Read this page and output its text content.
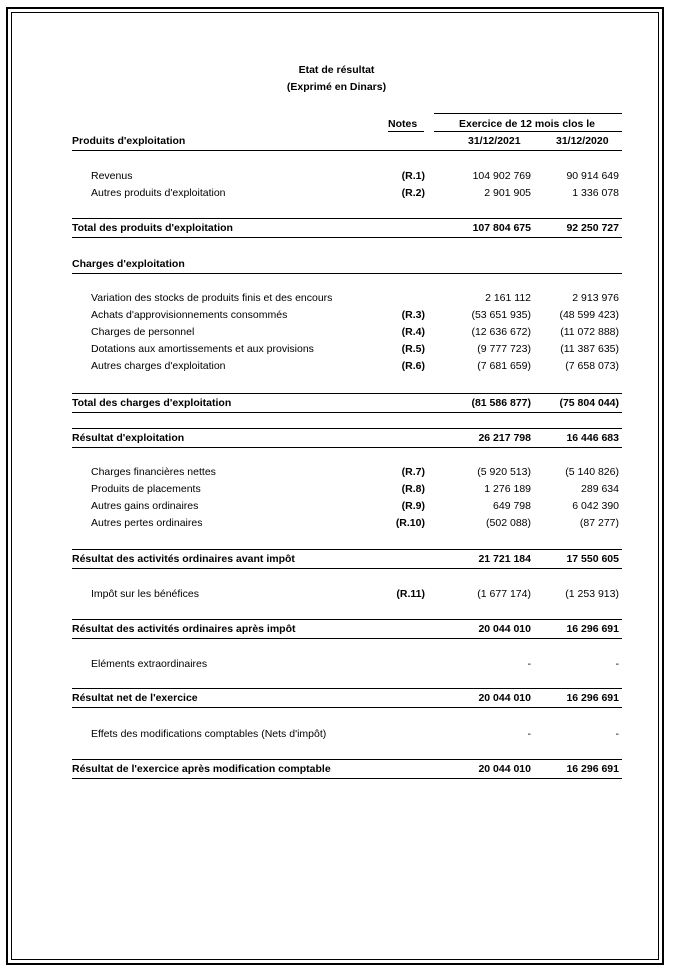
Etat de résultat
(Exprimé en Dinars)
Notes	Exercice de 12 mois clos le
31/12/2021	31/12/2020
Produits d'exploitation
Revenus	(R.1)	104 902 769	90 914 649
Autres produits d'exploitation	(R.2)	2 901 905	1 336 078
Total des produits d'exploitation	107 804 675	92 250 727
Charges d'exploitation
Variation des stocks de produits finis et des encours	2 161 112	2 913 976
Achats d'approvisionnements consommés	(R.3)	(53 651 935)	(48 599 423)
Charges de personnel	(R.4)	(12 636 672)	(11 072 888)
Dotations aux amortissements et aux provisions	(R.5)	(9 777 723)	(11 387 635)
Autres charges d'exploitation	(R.6)	(7 681 659)	(7 658 073)
Total des charges d'exploitation	(81 586 877)	(75 804 044)
Résultat d'exploitation	26 217 798	16 446 683
Charges financières nettes	(R.7)	(5 920 513)	(5 140 826)
Produits de placements	(R.8)	1 276 189	289 634
Autres gains ordinaires	(R.9)	649 798	6 042 390
Autres pertes ordinaires	(R.10)	(502 088)	(87 277)
Résultat des activités ordinaires avant impôt	21 721 184	17 550 605
Impôt sur les bénéfices	(R.11)	(1 677 174)	(1 253 913)
Résultat des activités ordinaires après impôt	20 044 010	16 296 691
Eléments extraordinaires	-	-
Résultat net de l'exercice	20 044 010	16 296 691
Effets des modifications comptables (Nets d'impôt)	-	-
Résultat de l'exercice après modification comptable	20 044 010	16 296 691
